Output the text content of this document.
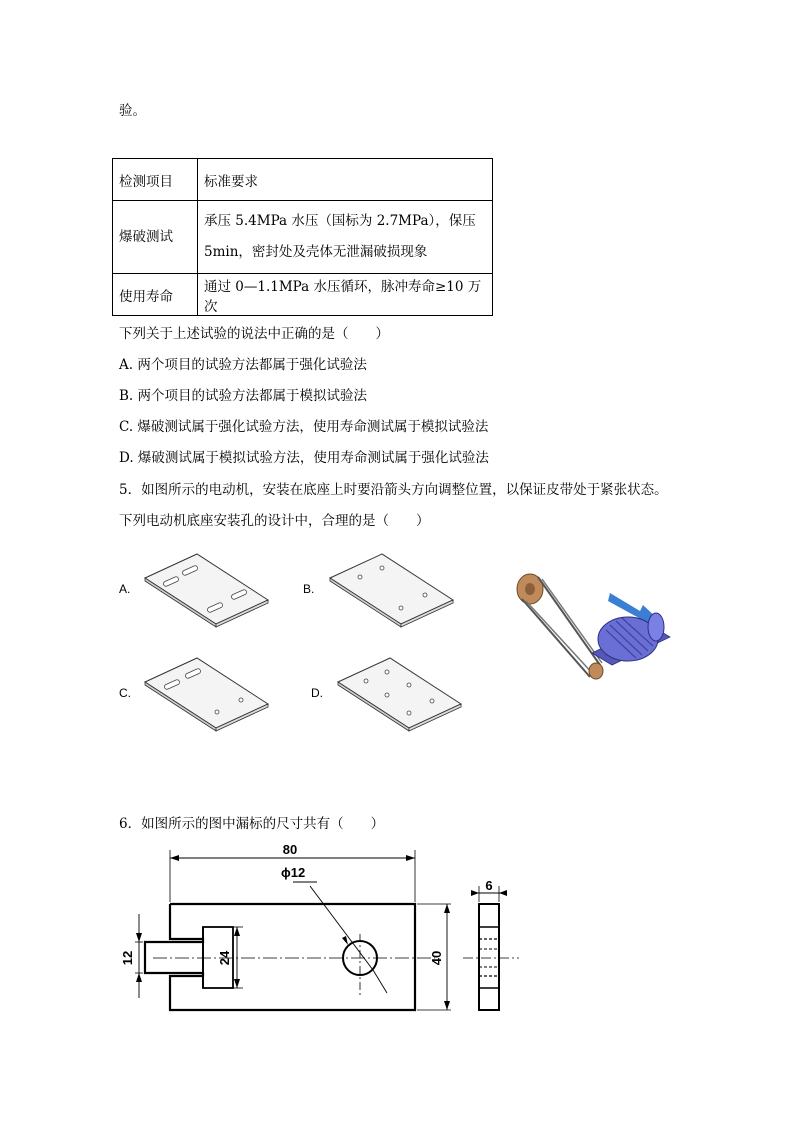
验。
检测项目	标准要求
爆破测试	承压 5.4MPa 水压（国标为 2.7MPa），保压
5min，密封处及壳体无泄漏破损现象

使用寿命	通过 0—1.1MPa 水压循环，脉冲寿命≥10 万次
下列关于上述试验的说法中正确的是（　　）
A. 两个项目的试验方法都属于强化试验法
B. 两个项目的试验方法都属于模拟试验法
C. 爆破测试属于强化试验方法，使用寿命测试属于模拟试验法
D. 爆破测试属于模拟试验方法，使用寿命测试属于强化试验法
5．如图所示的电动机，安装在底座上时要沿箭头方向调整位置，以保证皮带处于紧张状态。
下列电动机底座安装孔的设计中，合理的是（　　）
A.	B.
C.	D.
6．如图所示的图中漏标的尺寸共有（　　）
80
ϕ12
12	24	40
6
